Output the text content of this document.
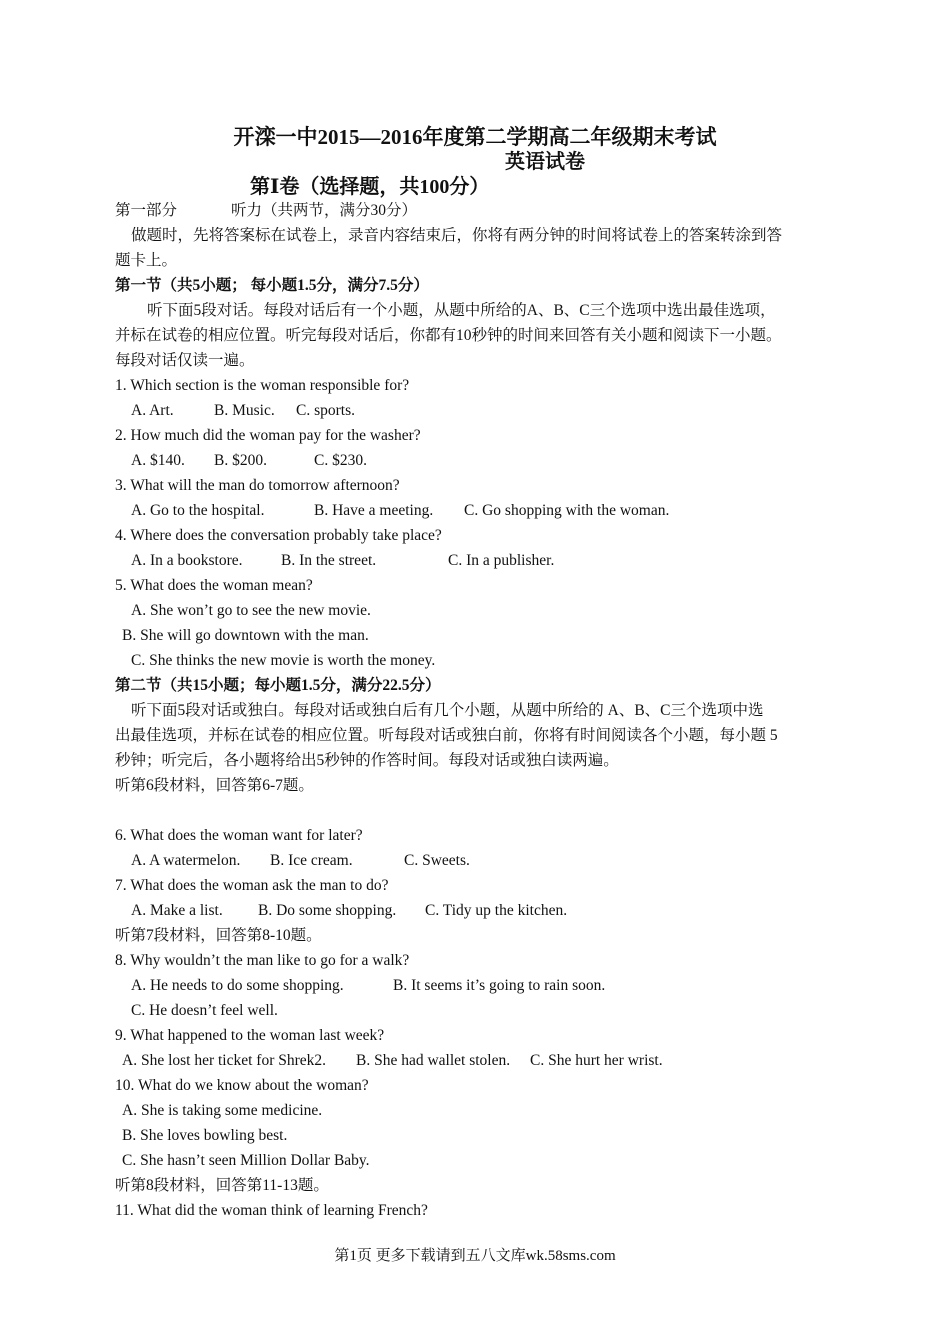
开滦一中2015—2016年度第二学期高二年级期末考试
英语试卷
第Ⅰ卷（选择题，共100分）
第一部分	听力（共两节，满分30分）
做题时，先将答案标在试卷上，录音内容结束后，你将有两分钟的时间将试卷上的答案转涂到答
题卡上。
第一节（共5小题； 每小题1.5分，满分7.5分）
听下面5段对话。每段对话后有一个小题，从题中所给的A、B、C三个选项中选出最佳选项，
并标在试卷的相应位置。听完每段对话后，你都有10秒钟的时间来回答有关小题和阅读下一小题。
每段对话仅读一遍。
1. Which section is the woman responsible for?
A. Art.	B. Music. C. sports.
2. How much did the woman pay for the washer?
A. $140. B. $200.	C. $230.
3. What will the man do tomorrow afternoon?
A. Go to the hospital.	B. Have a meeting. C. Go shopping with the woman.
4. Where does the conversation probably take place?
A. In a bookstore. B. In the street.	C. In a publisher.
5. What does the woman mean?
A. She won’t go to see the new movie.
B. She will go downtown with the man.
C. She thinks the new movie is worth the money.
第二节（共15小题；每小题1.5分，满分22.5分）
听下面5段对话或独白。每段对话或独白后有几个小题，从题中所给的 A、B、C三个选项中选
出最佳选项，并标在试卷的相应位置。听每段对话或独白前，你将有时间阅读各个小题，每小题 5
秒钟；听完后，各小题将给出5秒钟的作答时间。每段对话或独白读两遍。
听第6段材料，回答第6-7题。
6. What does the woman want for later?
A. A watermelon. B. Ice cream.	C. Sweets.
7. What does the woman ask the man to do?
A. Make a list. B. Do some shopping. C. Tidy up the kitchen.
听第7段材料，回答第8-10题。
8. Why wouldn’t the man like to go for a walk?
A. He needs to do some shopping.	B. It seems it’s going to rain soon.
C. He doesn’t feel well.
9. What happened to the woman last week?
A. She lost her ticket for Shrek2. B. She had wallet stolen. C. She hurt her wrist.
10. What do we know about the woman?
A. She is taking some medicine.
B. She loves bowling best.
C. She hasn’t seen Million Dollar Baby.
听第8段材料，回答第11-13题。
11. What did the woman think of learning French?
第1页 更多下载请到五八文库wk.58sms.com
